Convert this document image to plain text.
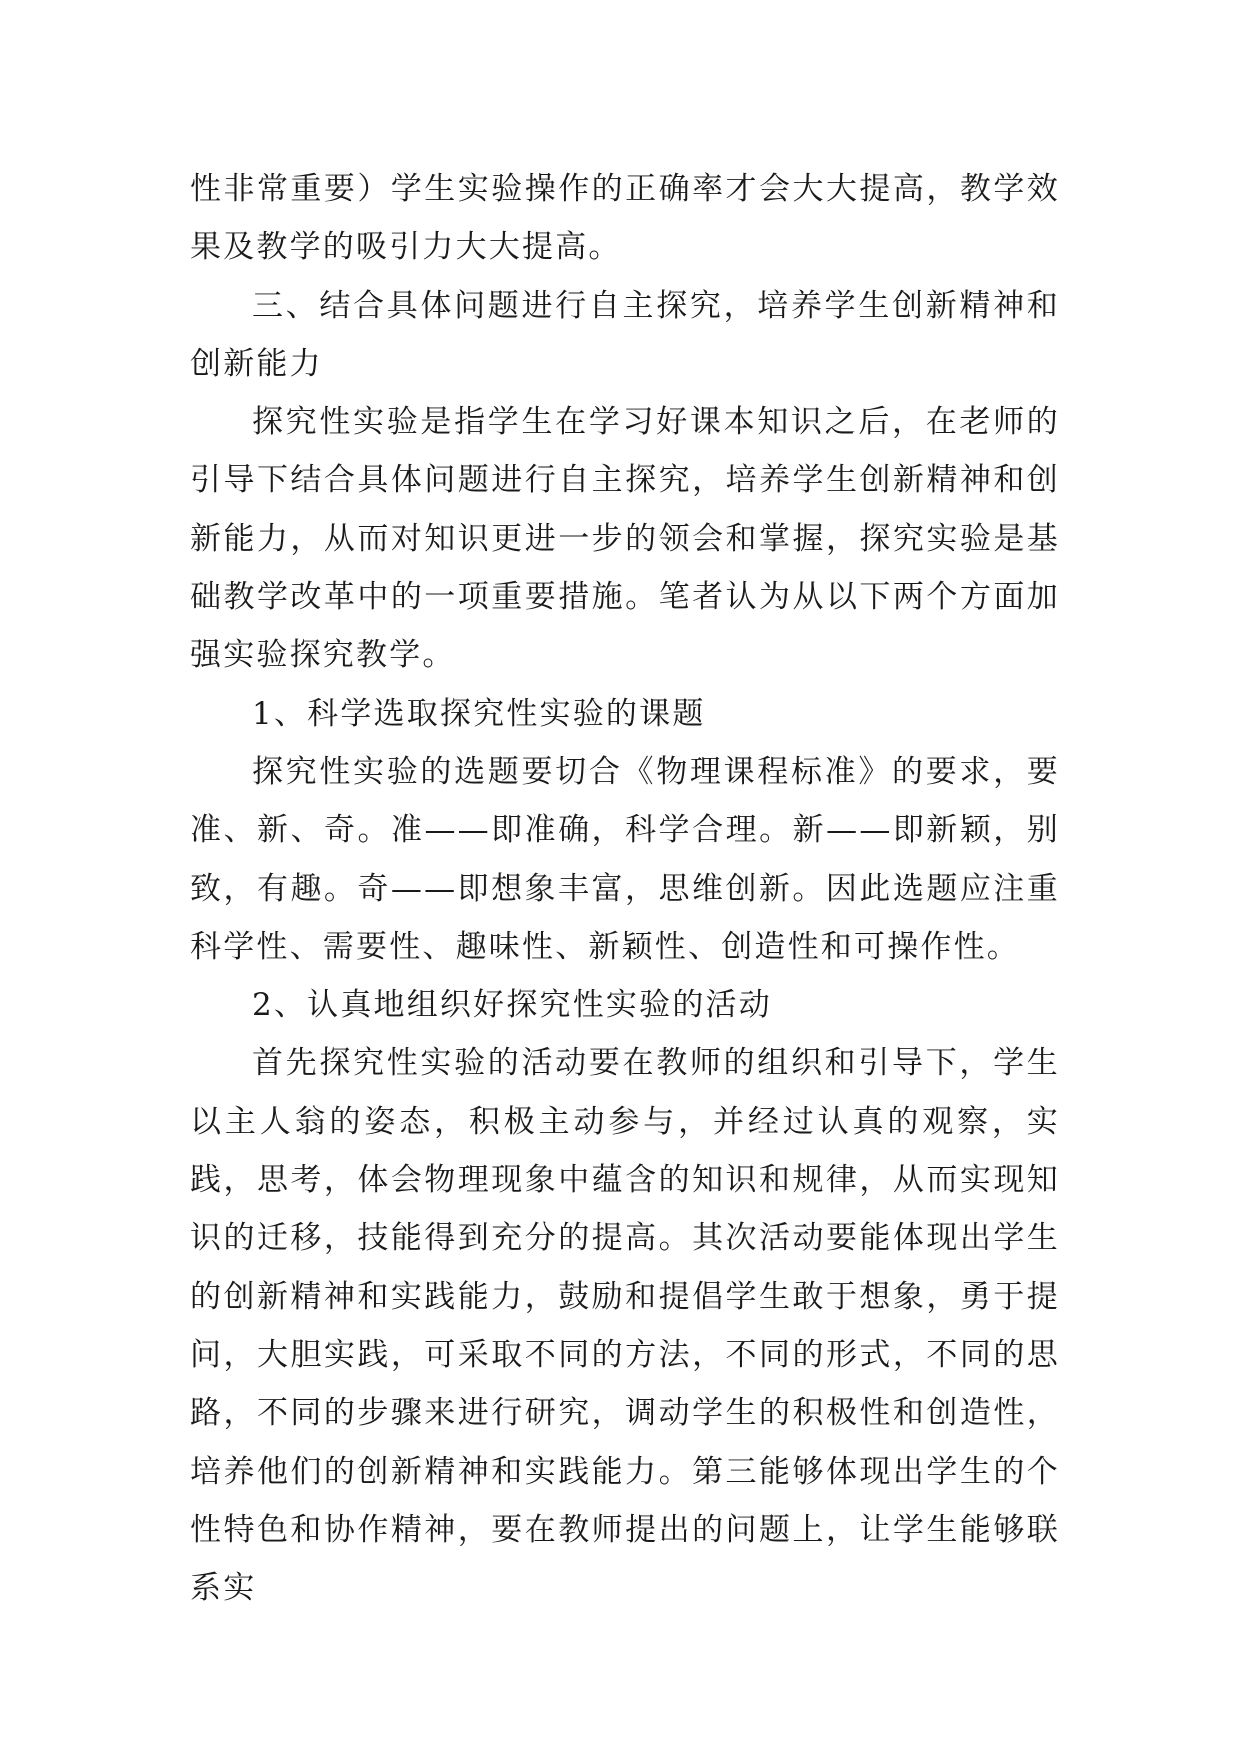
性非常重要）学生实验操作的正确率才会大大提高，教学效果及教学的吸引力大大提高。

三、结合具体问题进行自主探究，培养学生创新精神和创新能力

探究性实验是指学生在学习好课本知识之后，在老师的引导下结合具体问题进行自主探究，培养学生创新精神和创新能力，从而对知识更进一步的领会和掌握，探究实验是基础教学改革中的一项重要措施。笔者认为从以下两个方面加强实验探究教学。

1、科学选取探究性实验的课题

探究性实验的选题要切合《物理课程标准》的要求，要准、新、奇。准——即准确，科学合理。新——即新颖，别致，有趣。奇——即想象丰富，思维创新。因此选题应注重科学性、需要性、趣味性、新颖性、创造性和可操作性。

2、认真地组织好探究性实验的活动

首先探究性实验的活动要在教师的组织和引导下，学生以主人翁的姿态，积极主动参与，并经过认真的观察，实践，思考，体会物理现象中蕴含的知识和规律，从而实现知识的迁移，技能得到充分的提高。其次活动要能体现出学生的创新精神和实践能力，鼓励和提倡学生敢于想象，勇于提问，大胆实践，可采取不同的方法，不同的形式，不同的思路，不同的步骤来进行研究，调动学生的积极性和创造性，培养他们的创新精神和实践能力。第三能够体现出学生的个性特色和协作精神，要在教师提出的问题上，让学生能够联系实
